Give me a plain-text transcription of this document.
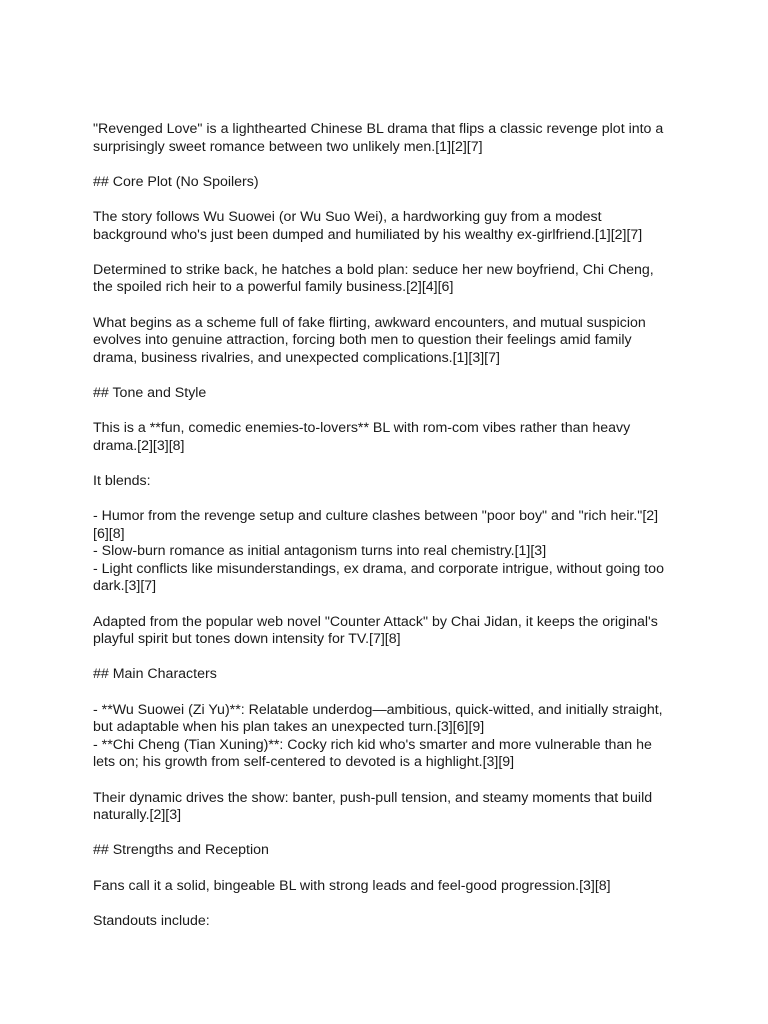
"Revenged Love" is a lighthearted Chinese BL drama that flips a classic revenge plot into a surprisingly sweet romance between two unlikely men.[1][2][7]

## Core Plot (No Spoilers)

The story follows Wu Suowei (or Wu Suo Wei), a hardworking guy from a modest background who's just been dumped and humiliated by his wealthy ex-girlfriend.[1][2][7]

Determined to strike back, he hatches a bold plan: seduce her new boyfriend, Chi Cheng, the spoiled rich heir to a powerful family business.[2][4][6]

What begins as a scheme full of fake flirting, awkward encounters, and mutual suspicion evolves into genuine attraction, forcing both men to question their feelings amid family drama, business rivalries, and unexpected complications.[1][3][7]

## Tone and Style

This is a **fun, comedic enemies-to-lovers** BL with rom-com vibes rather than heavy drama.[2][3][8]

It blends:

- Humor from the revenge setup and culture clashes between "poor boy" and "rich heir."[2][6][8]
- Slow-burn romance as initial antagonism turns into real chemistry.[1][3]
- Light conflicts like misunderstandings, ex drama, and corporate intrigue, without going too dark.[3][7]

Adapted from the popular web novel "Counter Attack" by Chai Jidan, it keeps the original's playful spirit but tones down intensity for TV.[7][8]

## Main Characters

- **Wu Suowei (Zi Yu)**: Relatable underdog—ambitious, quick-witted, and initially straight, but adaptable when his plan takes an unexpected turn.[3][6][9]
- **Chi Cheng (Tian Xuning)**: Cocky rich kid who's smarter and more vulnerable than he lets on; his growth from self-centered to devoted is a highlight.[3][9]

Their dynamic drives the show: banter, push-pull tension, and steamy moments that build naturally.[2][3]

## Strengths and Reception

Fans call it a solid, bingeable BL with strong leads and feel-good progression.[3][8]

Standouts include:
